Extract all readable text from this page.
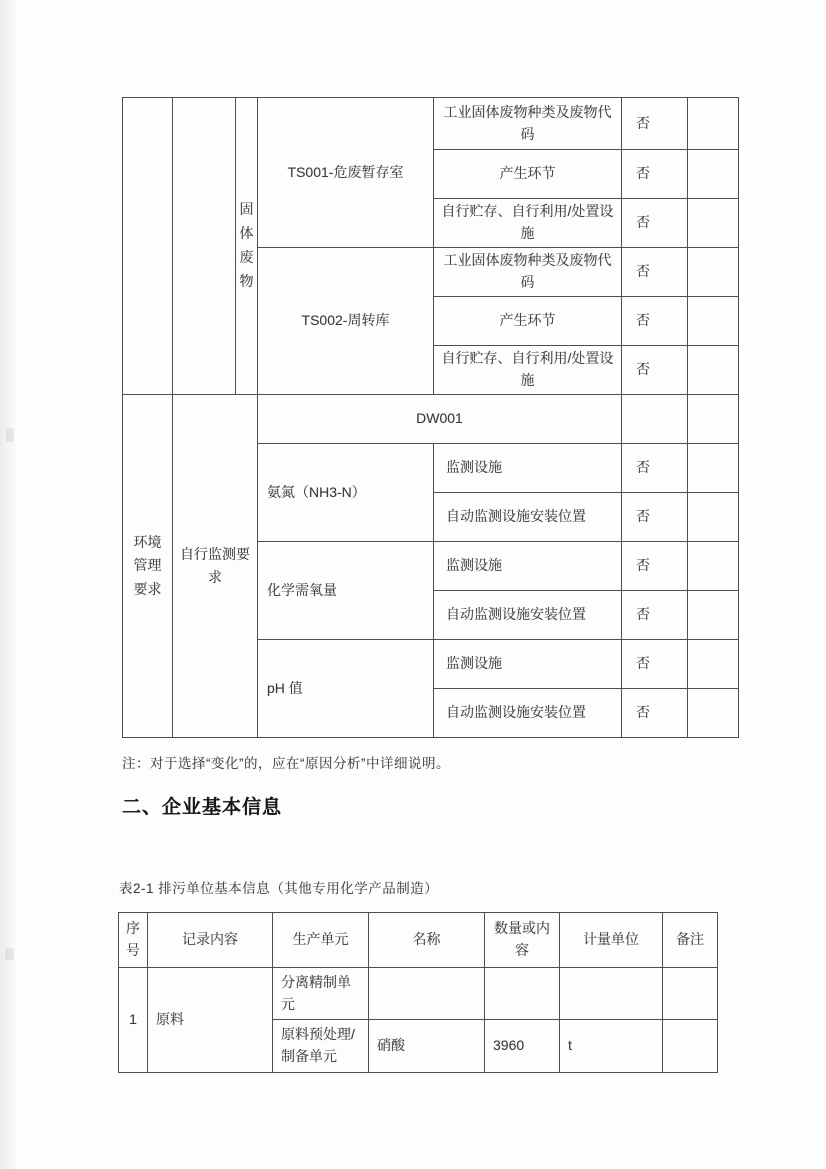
		固体废物	TS001-危废暂存室	工业固体废物种类及废物代码	否	
				产生环节	否	
				自行贮存、自行利用/处置设施	否	
			TS002-周转库	工业固体废物种类及废物代码	否	
				产生环节	否	
				自行贮存、自行利用/处置设施	否	
环境管理要求	自行监测要求		DW001			
			氨氮（NH3-N）	监测设施	否	
				自动监测设施安装位置	否	
			化学需氧量	监测设施	否	
				自动监测设施安装位置	否	
			pH 值	监测设施	否	
				自动监测设施安装位置	否	
注：对于选择“变化”的，应在“原因分析”中详细说明。
二、企业基本信息
表2-1 排污单位基本信息（其他专用化学产品制造）
序号	记录内容	生产单元	名称	数量或内容	计量单位	备注
1	原料	分离精制单元				
		原料预处理/制备单元	硝酸	3960	t	
